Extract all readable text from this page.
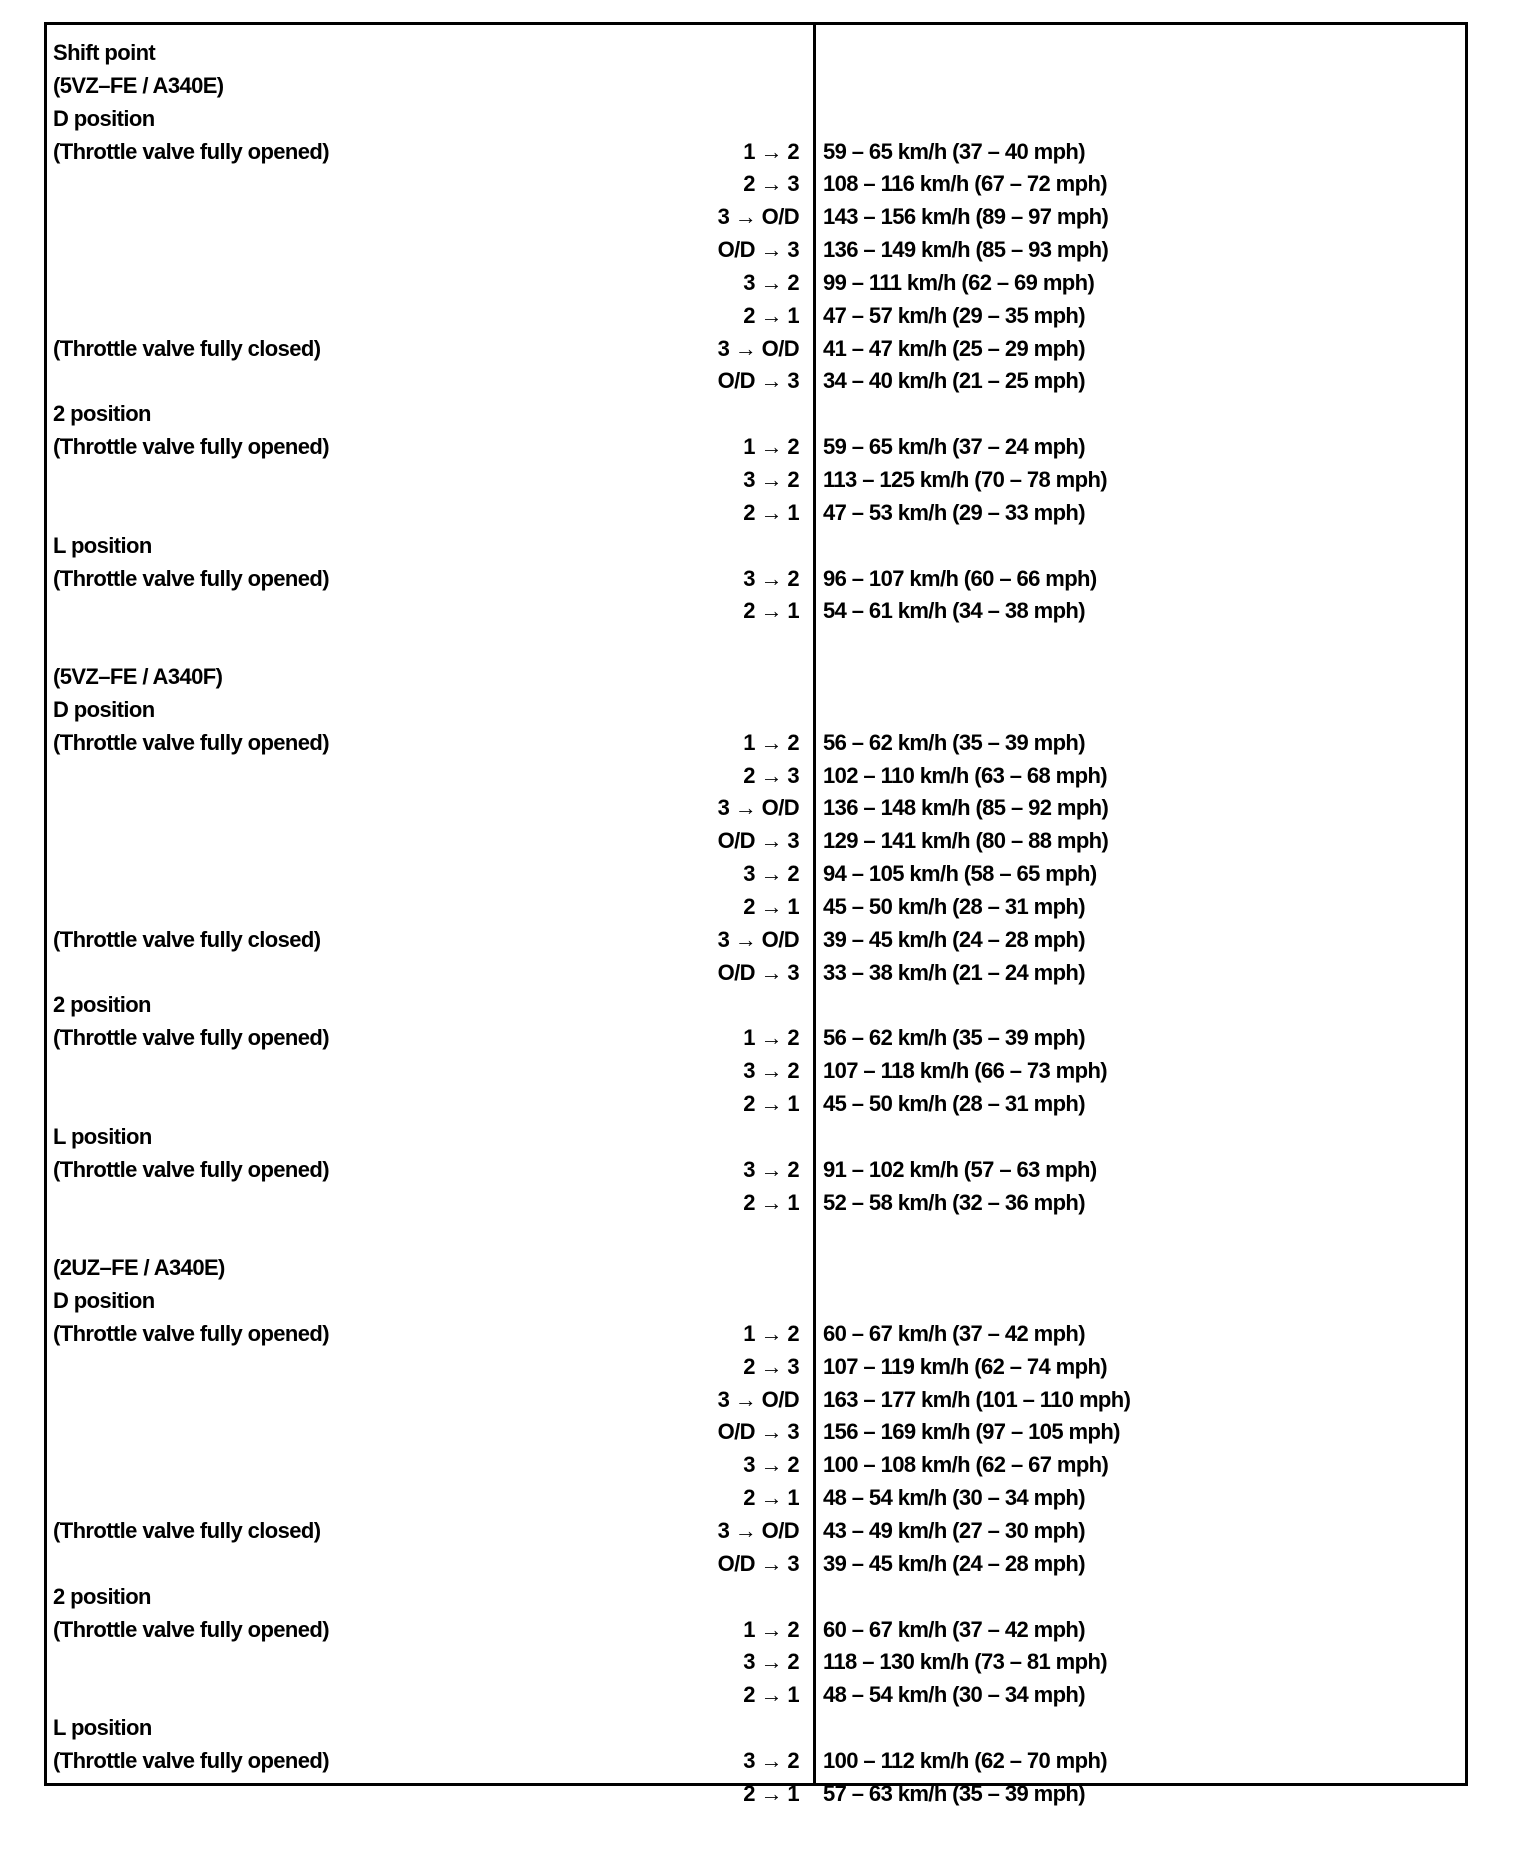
Shift point
(5VZ–FE / A340E)
D position
(Throttle valve fully opened)	1 → 2 59 – 65 km/h (37 – 40 mph)
2 → 3 108 – 116 km/h (67 – 72 mph)
3 → O/D 143 – 156 km/h (89 – 97 mph)
O/D → 3 136 – 149 km/h (85 – 93 mph)
3 → 2 99 – 111 km/h (62 – 69 mph)
2 → 1 47 – 57 km/h (29 – 35 mph)
(Throttle valve fully closed)	3 → O/D 41 – 47 km/h (25 – 29 mph)
O/D → 3 34 – 40 km/h (21 – 25 mph)
2 position
(Throttle valve fully opened)	1 → 2 59 – 65 km/h (37 – 24 mph)
3 → 2 113 – 125 km/h (70 – 78 mph)
2 → 1 47 – 53 km/h (29 – 33 mph)
L position
(Throttle valve fully opened)	3 → 2 96 – 107 km/h (60 – 66 mph)
2 → 1 54 – 61 km/h (34 – 38 mph)
(5VZ–FE / A340F)
D position
(Throttle valve fully opened)	1 → 2 56 – 62 km/h (35 – 39 mph)
2 → 3 102 – 110 km/h (63 – 68 mph)
3 → O/D 136 – 148 km/h (85 – 92 mph)
O/D → 3 129 – 141 km/h (80 – 88 mph)
3 → 2 94 – 105 km/h (58 – 65 mph)
2 → 1 45 – 50 km/h (28 – 31 mph)
(Throttle valve fully closed)	3 → O/D 39 – 45 km/h (24 – 28 mph)
O/D → 3 33 – 38 km/h (21 – 24 mph)
2 position
(Throttle valve fully opened)	1 → 2 56 – 62 km/h (35 – 39 mph)
3 → 2 107 – 118 km/h (66 – 73 mph)
2 → 1 45 – 50 km/h (28 – 31 mph)
L position
(Throttle valve fully opened)	3 → 2 91 – 102 km/h (57 – 63 mph)
2 → 1 52 – 58 km/h (32 – 36 mph)
(2UZ–FE / A340E)
D position
(Throttle valve fully opened)	1 → 2 60 – 67 km/h (37 – 42 mph)
2 → 3 107 – 119 km/h (62 – 74 mph)
3 → O/D 163 – 177 km/h (101 – 110 mph)
O/D → 3 156 – 169 km/h (97 – 105 mph)
3 → 2 100 – 108 km/h (62 – 67 mph)
2 → 1 48 – 54 km/h (30 – 34 mph)
(Throttle valve fully closed)	3 → O/D 43 – 49 km/h (27 – 30 mph)
O/D → 3 39 – 45 km/h (24 – 28 mph)
2 position
(Throttle valve fully opened)	1 → 2 60 – 67 km/h (37 – 42 mph)
3 → 2 118 – 130 km/h (73 – 81 mph)
2 → 1 48 – 54 km/h (30 – 34 mph)
L position
(Throttle valve fully opened)	3 → 2 100 – 112 km/h (62 – 70 mph)
2 → 1 57 – 63 km/h (35 – 39 mph)
